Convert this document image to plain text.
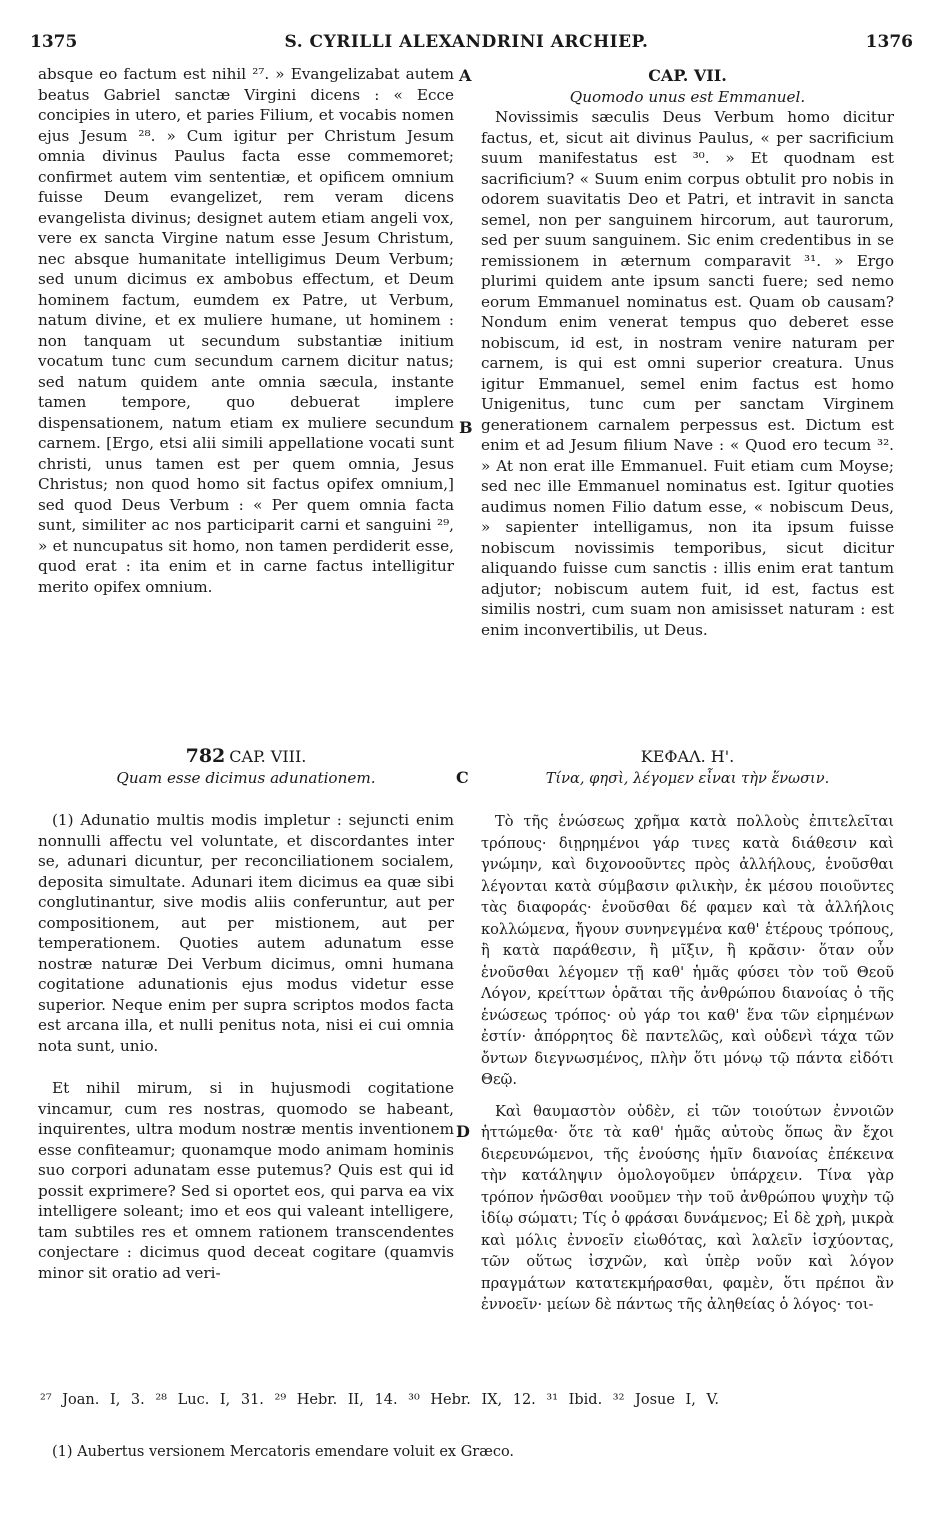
1375	S. CYRILLI ALEXANDRINI ARCHIEP.	1376
A
B
C
D

absque eo factum est nihil ²⁷. » Evangelizabat autem beatus Gabriel sanctæ Virgini dicens : « Ecce concipies in utero, et paries Filium, et vocabis nomen ejus Jesum ²⁸. » Cum igitur per Christum Jesum omnia divinus Paulus facta esse commemoret; confirmet autem vim sententiæ, et opificem omnium fuisse Deum evangelizet, rem veram dicens evangelista divinus; designet autem etiam angeli vox, vere ex sancta Virgine natum esse Jesum Christum, nec absque humanitate intelligimus Deum Verbum; sed unum dicimus ex ambobus effectum, et Deum hominem factum, eumdem ex Patre, ut Verbum, natum divine, et ex muliere humane, ut hominem : non tanquam ut secundum substantiæ initium vocatum tunc cum secundum carnem dicitur natus; sed natum quidem ante omnia sæcula, instante tamen tempore, quo debuerat implere dispensationem, natum etiam ex muliere secundum carnem. [Ergo, etsi alii simili appellatione vocati sunt christi, unus tamen est per quem omnia, Jesus Christus; non quod homo sit factus opifex omnium,] sed quod Deus Verbum : « Per quem omnia facta sunt, similiter ac nos participarit carni et sanguini ²⁹, » et nuncupatus sit homo, non tamen perdiderit esse, quod erat : ita enim et in carne factus intelligitur merito opifex omnium.

CAP. VII.

Quomodo unus est Emmanuel.

Novissimis sæculis Deus Verbum homo dicitur factus, et, sicut ait divinus Paulus, « per sacrificium suum manifestatus est ³⁰. » Et quodnam est sacrificium? « Suum enim corpus obtulit pro nobis in odorem suavitatis Deo et Patri, et intravit in sancta semel, non per sanguinem hircorum, aut taurorum, sed per suum sanguinem. Sic enim credentibus in se remissionem in æternum comparavit ³¹. » Ergo plurimi quidem ante ipsum sancti fuere; sed nemo eorum Emmanuel nominatus est. Quam ob causam? Nondum enim venerat tempus quo deberet esse nobiscum, id est, in nostram venire naturam per carnem, is qui est omni superior creatura. Unus igitur Emmanuel, semel enim factus est homo Unigenitus, tunc cum per sanctam Virginem generationem carnalem perpessus est. Dictum est enim et ad Jesum filium Nave : « Quod ero tecum ³². » At non erat ille Emmanuel. Fuit etiam cum Moyse; sed nec ille Emmanuel nominatus est. Igitur quoties audimus nomen Filio datum esse, « nobiscum Deus, » sapienter intelligamus, non ita ipsum fuisse nobiscum novissimis temporibus, sicut dicitur aliquando fuisse cum sanctis : illis enim erat tantum adjutor; nobiscum autem fuit, id est, factus est similis nostri, cum suam non amisisset naturam : est enim inconvertibilis, ut Deus.

782 CAP. VIII.

Quam esse dicimus adunationem.

(1) Adunatio multis modis impletur : sejuncti enim nonnulli affectu vel voluntate, et discordantes inter se, adunari dicuntur, per reconciliationem socialem, deposita simultate. Adunari item dicimus ea quæ sibi conglutinantur, sive modis aliis conferuntur, aut per compositionem, aut per mistionem, aut per temperationem. Quoties autem adunatum esse nostræ naturæ Dei Verbum dicimus, omni humana cogitatione adunationis ejus modus videtur esse superior. Neque enim per supra scriptos modos facta est arcana illa, et nulli penitus nota, nisi ei cui omnia nota sunt, unio.

Et nihil mirum, si in hujusmodi cogitatione vincamur, cum res nostras, quomodo se habeant, inquirentes, ultra modum nostræ mentis inventionem esse confiteamur; quonamque modo animam hominis suo corpori adunatam esse putemus? Quis est qui id possit exprimere? Sed si oportet eos, qui parva ea vix intelligere soleant; imo et eos qui valeant intelligere, tam subtiles res et omnem rationem transcendentes conjectare : dicimus quod deceat cogitare (quamvis minor sit oratio ad veri-

ΚΕΦΑΛ. Η'.

Τίνα, φησὶ, λέγομεν εἶναι τὴν ἕνωσιν.

Τὸ τῆς ἑνώσεως χρῆμα κατὰ πολλοὺς ἐπιτελεῖται τρόπους· διῃρημένοι γάρ τινες κατὰ διάθεσιν καὶ γνώμην, καὶ διχονοοῦντες πρὸς ἀλλήλους, ἑνοῦσθαι λέγονται κατὰ σύμβασιν φιλικὴν, ἐκ μέσου ποιοῦντες τὰς διαφοράς· ἑνοῦσθαι δέ φαμεν καὶ τὰ ἀλλήλοις κολλώμενα, ἤγουν συνηνεγμένα καθ' ἑτέρους τρόπους, ἢ κατὰ παράθεσιν, ἢ μῖξιν, ἢ κρᾶσιν· ὅταν οὖν ἑνοῦσθαι λέγομεν τῇ καθ' ἡμᾶς φύσει τὸν τοῦ Θεοῦ Λόγον, κρείττων ὁρᾶται τῆς ἀνθρώπου διανοίας ὁ τῆς ἑνώσεως τρόπος· οὐ γάρ τοι καθ' ἕνα τῶν εἰρημένων ἐστίν· ἀπόρρητος δὲ παντελῶς, καὶ οὐδενὶ τάχα τῶν ὄντων διεγνωσμένος, πλὴν ὅτι μόνῳ τῷ πάντα εἰδότι Θεῷ.

Καὶ θαυμαστὸν οὐδὲν, εἰ τῶν τοιούτων ἐννοιῶν ἡττώμεθα· ὅτε τὰ καθ' ἡμᾶς αὐτοὺς ὅπως ἂν ἔχοι διερευνώμενοι, τῆς ἑνούσης ἡμῖν διανοίας ἐπέκεινα τὴν κατάληψιν ὁμολογοῦμεν ὑπάρχειν. Τίνα γὰρ τρόπον ἡνῶσθαι νοοῦμεν τὴν τοῦ ἀνθρώπου ψυχὴν τῷ ἰδίῳ σώματι; Τίς ὁ φράσαι δυνάμενος; Εἰ δὲ χρὴ, μικρὰ καὶ μόλις ἐννοεῖν εἰωθότας, καὶ λαλεῖν ἰσχύοντας, τῶν οὕτως ἰσχνῶν, καὶ ὑπὲρ νοῦν καὶ λόγον πραγμάτων κατατεκμήρασθαι, φαμὲν, ὅτι πρέποι ἂν ἐννοεῖν· μείων δὲ πάντως τῆς ἀληθείας ὁ λόγος· τοι-

²⁷ Joan. I, 3. ²⁸ Luc. I, 31. ²⁹ Hebr. II, 14. ³⁰ Hebr. IX, 12. ³¹ Ibid. ³² Josue I, V.
(1) Aubertus versionem Mercatoris emendare voluit ex Græco.
